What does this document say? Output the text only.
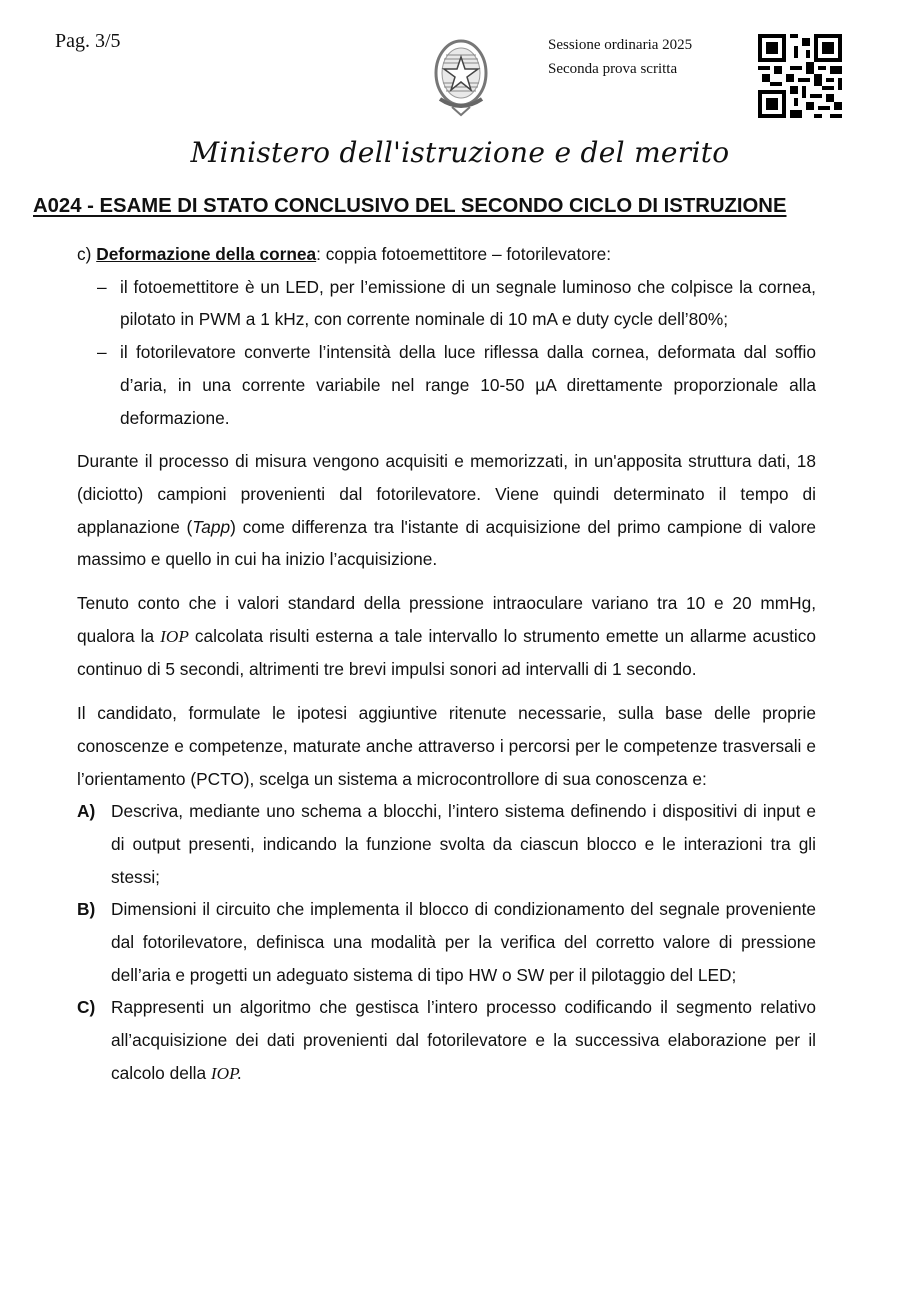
Pag. 3/5	Sessione ordinaria 2025
Seconda prova scritta
Ministero dell'istruzione e del merito
A024 - ESAME DI STATO CONCLUSIVO DEL SECONDO CICLO DI ISTRUZIONE

c) Deformazione della cornea: coppia fotoemettitore – fotorilevatore:

– il fotoemettitore è un LED, per l’emissione di un segnale luminoso che colpisce la cornea, pilotato in PWM a 1 kHz, con corrente nominale di 10 mA e duty cycle dell’80%;
– il fotorilevatore converte l’intensità della luce riflessa dalla cornea, deformata dal soffio d’aria, in una corrente variabile nel range 10-50 µA direttamente proporzionale alla deformazione.

Durante il processo di misura vengono acquisiti e memorizzati, in un'apposita struttura dati, 18 (diciotto) campioni provenienti dal fotorilevatore. Viene quindi determinato il tempo di applanazione (Tapp) come differenza tra l'istante di acquisizione del primo campione di valore massimo e quello in cui ha inizio l’acquisizione.

Tenuto conto che i valori standard della pressione intraoculare variano tra 10 e 20 mmHg, qualora la IOP calcolata risulti esterna a tale intervallo lo strumento emette un allarme acustico continuo di 5 secondi, altrimenti tre brevi impulsi sonori ad intervalli di 1 secondo.

Il candidato, formulate le ipotesi aggiuntive ritenute necessarie, sulla base delle proprie conoscenze e competenze, maturate anche attraverso i percorsi per le competenze trasversali e l’orientamento (PCTO), scelga un sistema a microcontrollore di sua conoscenza e:

A) Descriva, mediante uno schema a blocchi, l’intero sistema definendo i dispositivi di input e di output presenti, indicando la funzione svolta da ciascun blocco e le interazioni tra gli stessi;
B) Dimensioni il circuito che implementa il blocco di condizionamento del segnale proveniente dal fotorilevatore, definisca una modalità per la verifica del corretto valore di pressione dell’aria e progetti un adeguato sistema di tipo HW o SW per il pilotaggio del LED;
C) Rappresenti un algoritmo che gestisca l’intero processo codificando il segmento relativo all’acquisizione dei dati provenienti dal fotorilevatore e la successiva elaborazione per il calcolo della IOP.
